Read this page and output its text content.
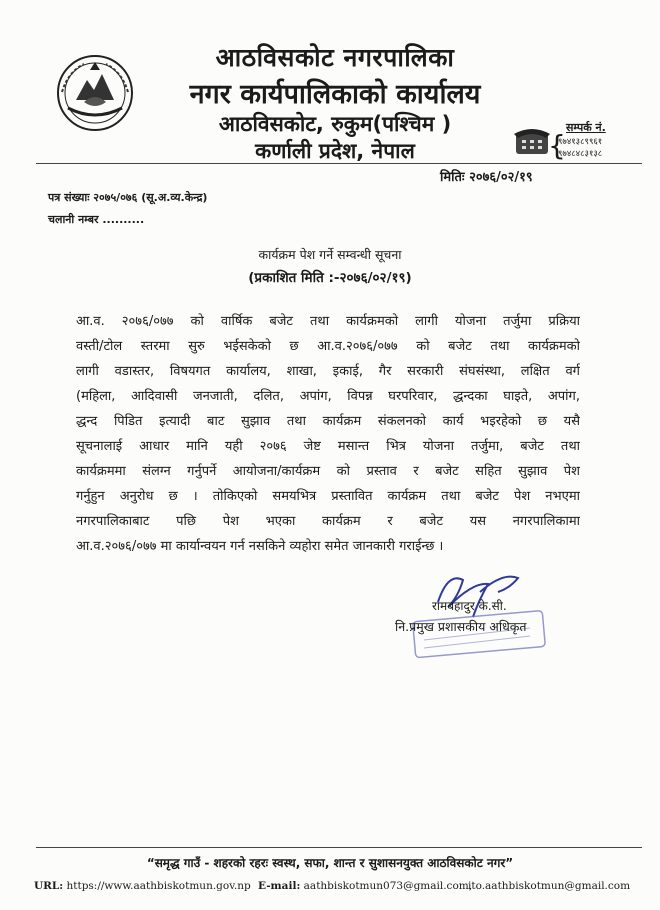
आठविसकोट नगरपालिका
नगर कार्यपालिकाको कार्यालय
आठविसकोट, रुकुम(पश्चिम )
कर्णाली प्रदेश, नेपाल
सम्पर्क नं.
{
९७४१३८९९६१
९७४८४८३१३८
मितिः २०७६/०२/१९
पत्र संख्याः २०७५/०७६ (सू.अ.व्य.केन्द्र)
चलानी नम्बर ..........
कार्यक्रम पेश गर्ने सम्वन्धी सूचना
(प्रकाशित मिति :-२०७६/०२/१९)
आ.व. २०७६/०७७ को वार्षिक बजेट तथा कार्यक्रमको लागी योजना तर्जुमा प्रक्रिया
वस्ती/टोल स्तरमा सुरु भईसकेको छ आ.व.२०७६/०७७ को बजेट तथा कार्यक्रमको
लागी वडास्तर, विषयगत कार्यालय, शाखा, इकाई, गैर सरकारी संघसंस्था, लक्षित वर्ग
(महिला, आदिवासी जनजाती, दलित, अपांग, विपन्न घरपरिवार, द्धन्दका घाइते, अपांग,
द्धन्द पिडित इत्यादी बाट सुझाव तथा कार्यक्रम संकलनको कार्य भइरहेको छ यसै
सूचनालाई आधार मानि यही २०७६ जेष्ट मसान्त भित्र योजना तर्जुमा, बजेट तथा
कार्यक्रममा संलग्न गर्नुपर्ने आयोजना/कार्यक्रम को प्रस्ताव र बजेट सहित सुझाव पेश
गर्नुहुन अनुरोध छ । तोकिएको समयभित्र प्रस्तावित कार्यक्रम तथा बजेट पेश नभएमा
नगरपालिकाबाट पछि पेश भएका कार्यक्रम र बजेट यस नगरपालिकामा
आ.व.२०७६/०७७ मा कार्यान्वयन गर्न नसकिने व्यहोरा समेत जानकारी गराईन्छ ।
रामबहादुर के.सी.
नि.प्रमुख प्रशासकीय अधिकृत
“समृद्ध गाउँ - शहरको रहरः स्वस्थ, सफा, शान्त र सुशासनयुक्त आठविसकोट नगर”
URL: https://www.aathbiskotmun.gov.np E-mail: aathbiskotmun073@gmail.com,
ito.aathbiskotmun@gmail.com
